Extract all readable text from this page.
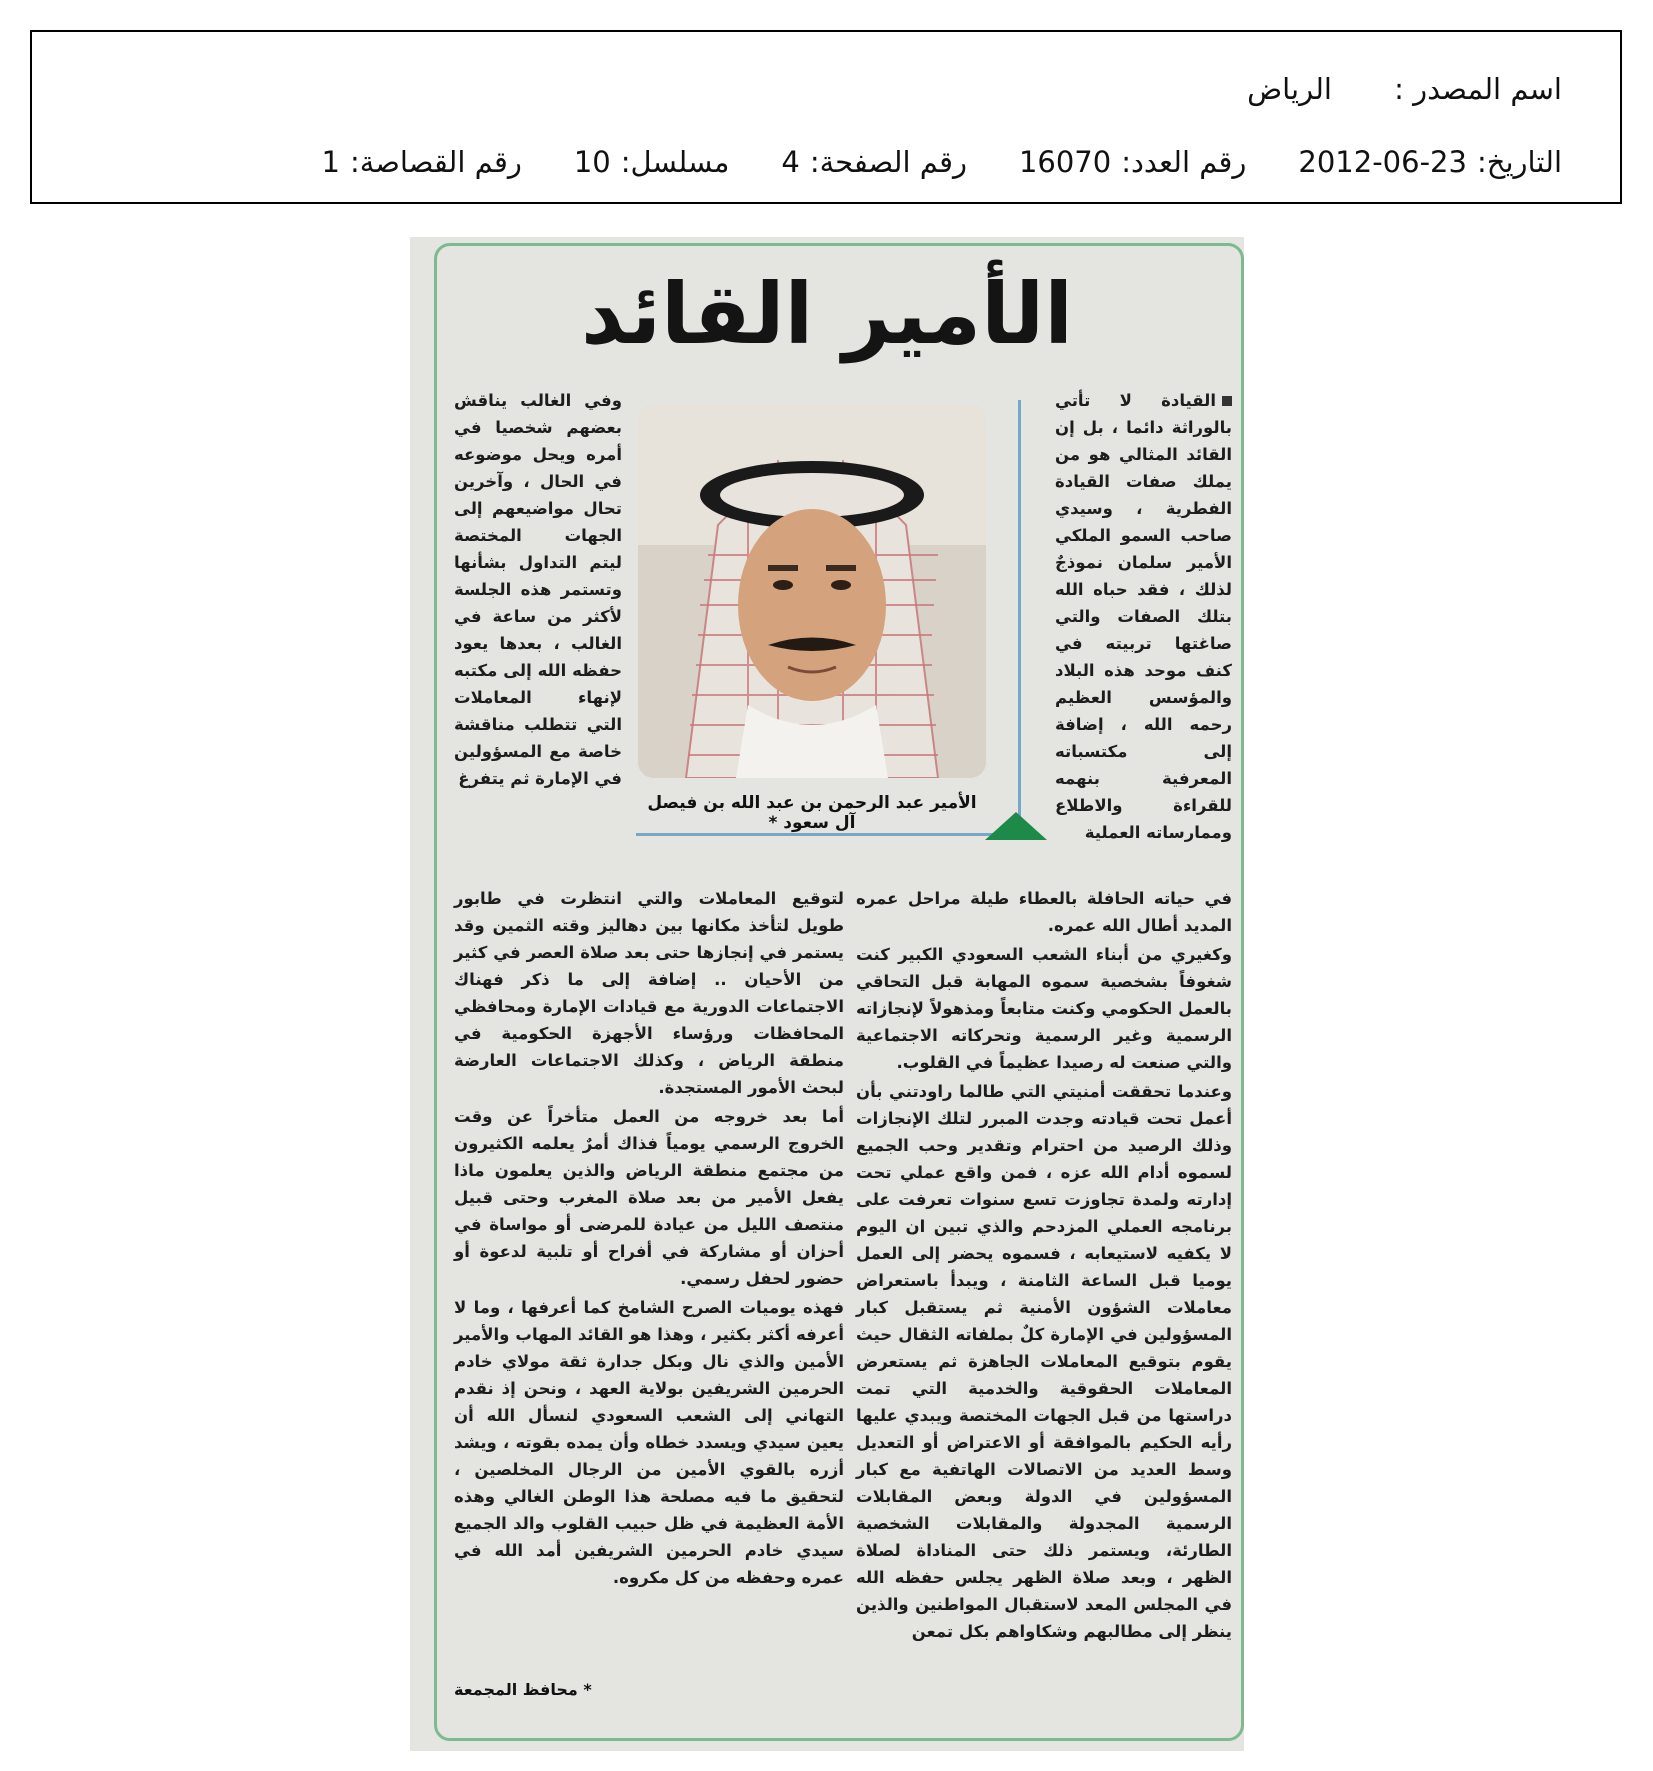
اسم المصدر :
الرياض
التاريخ:
2012-06-23
رقم العدد:
16070
رقم الصفحة:
4
مسلسل:
10
رقم القصاصة:
1
الأمير القائد

القيادة لا تأتي بالوراثة دائما ، بل إن القائد المثالي هو من يملك صفات القيادة الفطرية ، وسيدي صاحب السمو الملكي الأمير سلمان نموذجٌ لذلك ، فقد حباه الله بتلك الصفات والتي صاغتها تربيته في كنف موحد هذه البلاد والمؤسس العظيم رحمه الله ، إضافة إلى مكتسباته المعرفية بنهمه للقراءة والاطلاع وممارساته العملية

الأمير عبد الرحمن بن عبد الله بن فيصل آل سعود *

وفي الغالب يناقش بعضهم شخصيا في أمره ويحل موضوعه في الحال ، وآخرين تحال مواضيعهم إلى الجهات المختصة ليتم التداول بشأنها وتستمر هذه الجلسة لأكثر من ساعة في الغالب ، بعدها يعود حفظه الله إلى مكتبه لإنهاء المعاملات التي تتطلب مناقشة خاصة مع المسؤولين في الإمارة ثم يتفرغ

في حياته الحافلة بالعطاء طيلة مراحل عمره المديد أطال الله عمره.

وكغيري من أبناء الشعب السعودي الكبير كنت شغوفاً بشخصية سموه المهابة قبل التحاقي بالعمل الحكومي وكنت متابعاً ومذهولاً لإنجازاته الرسمية وغير الرسمية وتحركاته الاجتماعية والتي صنعت له رصيدا عظيماً في القلوب.

وعندما تحققت أمنيتي التي طالما راودتني بأن أعمل تحت قيادته وجدت المبرر لتلك الإنجازات وذلك الرصيد من احترام وتقدير وحب الجميع لسموه أدام الله عزه ، فمن واقع عملي تحت إدارته ولمدة تجاوزت تسع سنوات تعرفت على برنامجه العملي المزدحم والذي تبين ان اليوم لا يكفيه لاستيعابه ، فسموه يحضر إلى العمل يوميا قبل الساعة الثامنة ، ويبدأ باستعراض معاملات الشؤون الأمنية ثم يستقبل كبار المسؤولين في الإمارة كلٌ بملفاته الثقال حيث يقوم بتوقيع المعاملات الجاهزة ثم يستعرض المعاملات الحقوقية والخدمية التي تمت دراستها من قبل الجهات المختصة ويبدي عليها رأيه الحكيم بالموافقة أو الاعتراض أو التعديل وسط العديد من الاتصالات الهاتفية مع كبار المسؤولين في الدولة وبعض المقابلات الرسمية المجدولة والمقابلات الشخصية الطارئة، ويستمر ذلك حتى المناداة لصلاة الظهر ، وبعد صلاة الظهر يجلس حفظه الله في المجلس المعد لاستقبال المواطنين والذين ينظر إلى مطالبهم وشكاواهم بكل تمعن

لتوقيع المعاملات والتي انتظرت في طابور طويل لتأخذ مكانها بين دهاليز وقته الثمين وقد يستمر في إنجازها حتى بعد صلاة العصر في كثير من الأحيان .. إضافة إلى ما ذكر فهناك الاجتماعات الدورية مع قيادات الإمارة ومحافظي المحافظات ورؤساء الأجهزة الحكومية في منطقة الرياض ، وكذلك الاجتماعات العارضة لبحث الأمور المستجدة.

أما بعد خروجه من العمل متأخراً عن وقت الخروج الرسمي يومياً فذاك أمرٌ يعلمه الكثيرون من مجتمع منطقة الرياض والذين يعلمون ماذا يفعل الأمير من بعد صلاة المغرب وحتى قبيل منتصف الليل من عيادة للمرضى أو مواساة في أحزان أو مشاركة في أفراح أو تلبية لدعوة أو حضور لحفل رسمي.

فهذه يوميات الصرح الشامخ كما أعرفها ، وما لا أعرفه أكثر بكثير ، وهذا هو القائد المهاب والأمير الأمين والذي نال وبكل جدارة ثقة مولاي خادم الحرمين الشريفين بولاية العهد ، ونحن إذ نقدم التهاني إلى الشعب السعودي لنسأل الله أن يعين سيدي ويسدد خطاه وأن يمده بقوته ، ويشد أزره بالقوي الأمين من الرجال المخلصين ، لتحقيق ما فيه مصلحة هذا الوطن الغالي وهذه الأمة العظيمة في ظل حبيب القلوب والد الجميع سيدي خادم الحرمين الشريفين أمد الله في عمره وحفظه من كل مكروه.

* محافظ المجمعة
